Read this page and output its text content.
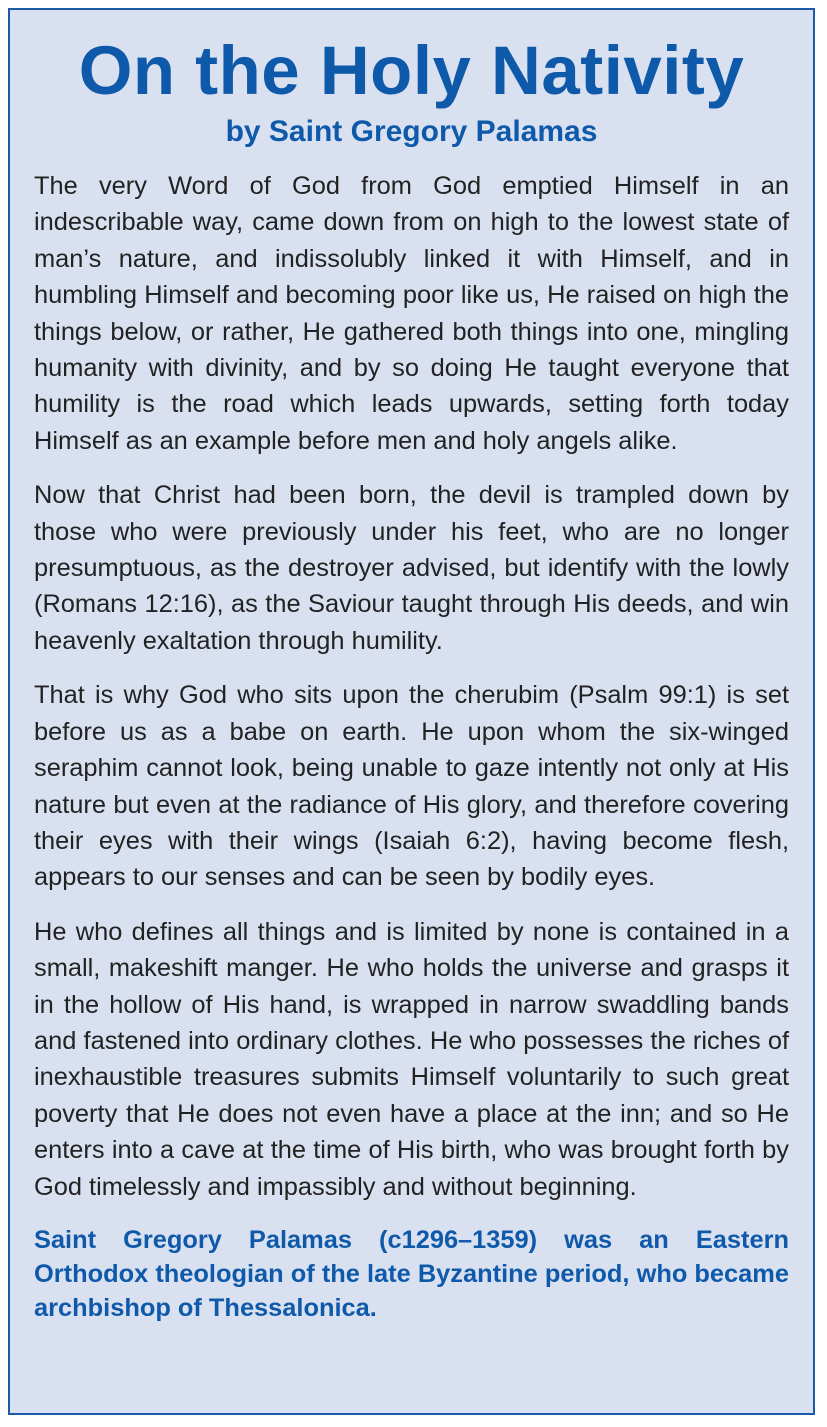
On the Holy Nativity
by Saint Gregory Palamas

The very Word of God from God emptied Himself in an indescribable way, came down from on high to the lowest state of man’s nature, and indissolubly linked it with Himself, and in humbling Himself and becoming poor like us, He raised on high the things below, or rather, He gathered both things into one, mingling humanity with divinity, and by so doing He taught everyone that humility is the road which leads upwards, setting forth today Himself as an example before men and holy angels alike.

Now that Christ had been born, the devil is trampled down by those who were previously under his feet, who are no longer presumptuous, as the destroyer advised, but identify with the lowly (Romans 12:16), as the Saviour taught through His deeds, and win heavenly exaltation through humility.

That is why God who sits upon the cherubim (Psalm 99:1) is set before us as a babe on earth. He upon whom the six-winged seraphim cannot look, being unable to gaze intently not only at His nature but even at the radiance of His glory, and therefore covering their eyes with their wings (Isaiah 6:2), having become flesh, appears to our senses and can be seen by bodily eyes.

He who defines all things and is limited by none is contained in a small, makeshift manger. He who holds the universe and grasps it in the hollow of His hand, is wrapped in narrow swaddling bands and fastened into ordinary clothes. He who possesses the riches of inexhaustible treasures submits Himself voluntarily to such great poverty that He does not even have a place at the inn; and so He enters into a cave at the time of His birth, who was brought forth by God timelessly and impassibly and without beginning.

Saint Gregory Palamas (c1296–1359) was an Eastern Orthodox theologian of the late Byzantine period, who became archbishop of Thessalonica.
